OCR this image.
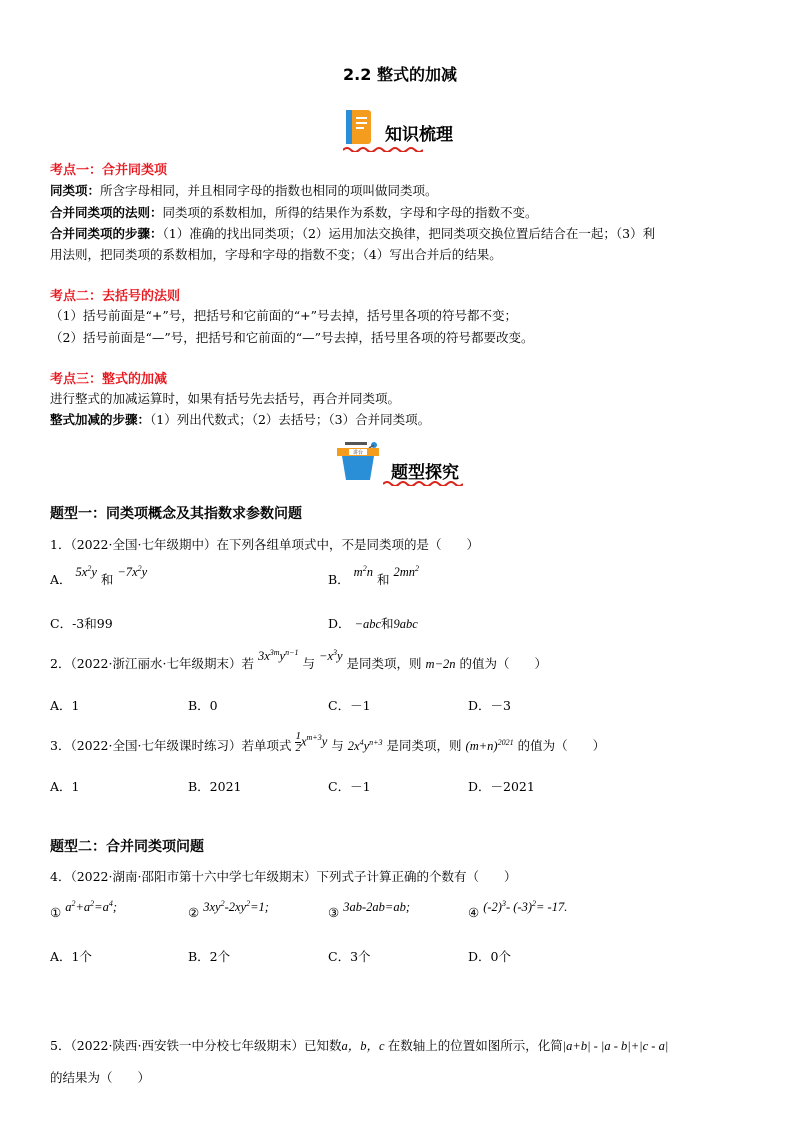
2.2 整式的加减
知识梳理
考点一：合并同类项
同类项：所含字母相同，并且相同字母的指数也相同的项叫做同类项。
合并同类项的法则：同类项的系数相加，所得的结果作为系数，字母和字母的指数不变。
合并同类项的步骤：（1）准确的找出同类项；（2）运用加法交换律，把同类项交换位置后结合在一起；（3）利
用法则，把同类项的系数相加，字母和字母的指数不变；（4）写出合并后的结果。
考点二：去括号的法则
（1）括号前面是“+”号，把括号和它前面的“+”号去掉，括号里各项的符号都不变；
（2）括号前面是“—”号，把括号和它前面的“—”号去掉，括号里各项的符号都要改变。
考点三：整式的加减
进行整式的加减运算时，如果有括号先去括号，再合并同类项。
整式加减的步骤：（1）列出代数式；（2）去括号；（3）合并同类项。
讲台
题型探究
题型一：同类项概念及其指数求参数问题
1．（2022·全国·七年级期中）在下列各组单项式中，不是同类项的是（　　）
A． $5x^2y$ 和 $-7x^2y$	B． $m^2n$ 和 $2mn^2$
C．-3和99	D． −abc和9abc
2．（2022·浙江丽水·七年级期末）若 $3x^{3m}y^{n-1}$ 与 $-x^3y$ 是同类项，则 m−2n 的值为（　　）
A．1	B．0	C．－1	D．－3
3．（2022·全国·七年级课时练习）若单项式 $\frac{1}{2} x^{m+3}y$ 与 $2x^4y^{n+3}$ 是同类项，则 $(m+n)^{2021}$ 的值为（　　）
A．1	B．2021	C．－1	D．－2021
题型二：合并同类项问题
4．（2022·湖南·邵阳市第十六中学七年级期末）下列式子计算正确的个数有（　　）
① $a^2+a^2=a^4$;	② $3xy^2-2xy^2=1$;	③ 3ab-2ab=ab;	④ $(-2)^3-$ $(-3)^2= -17$.
A．1个	B．2个	C．3个	D．0个
5．（2022·陕西·西安铁一中分校七年级期末）已知数a，b，c 在数轴上的位置如图所示，化简|a+b| - |a - b|+|c - a|
的结果为（　　）
